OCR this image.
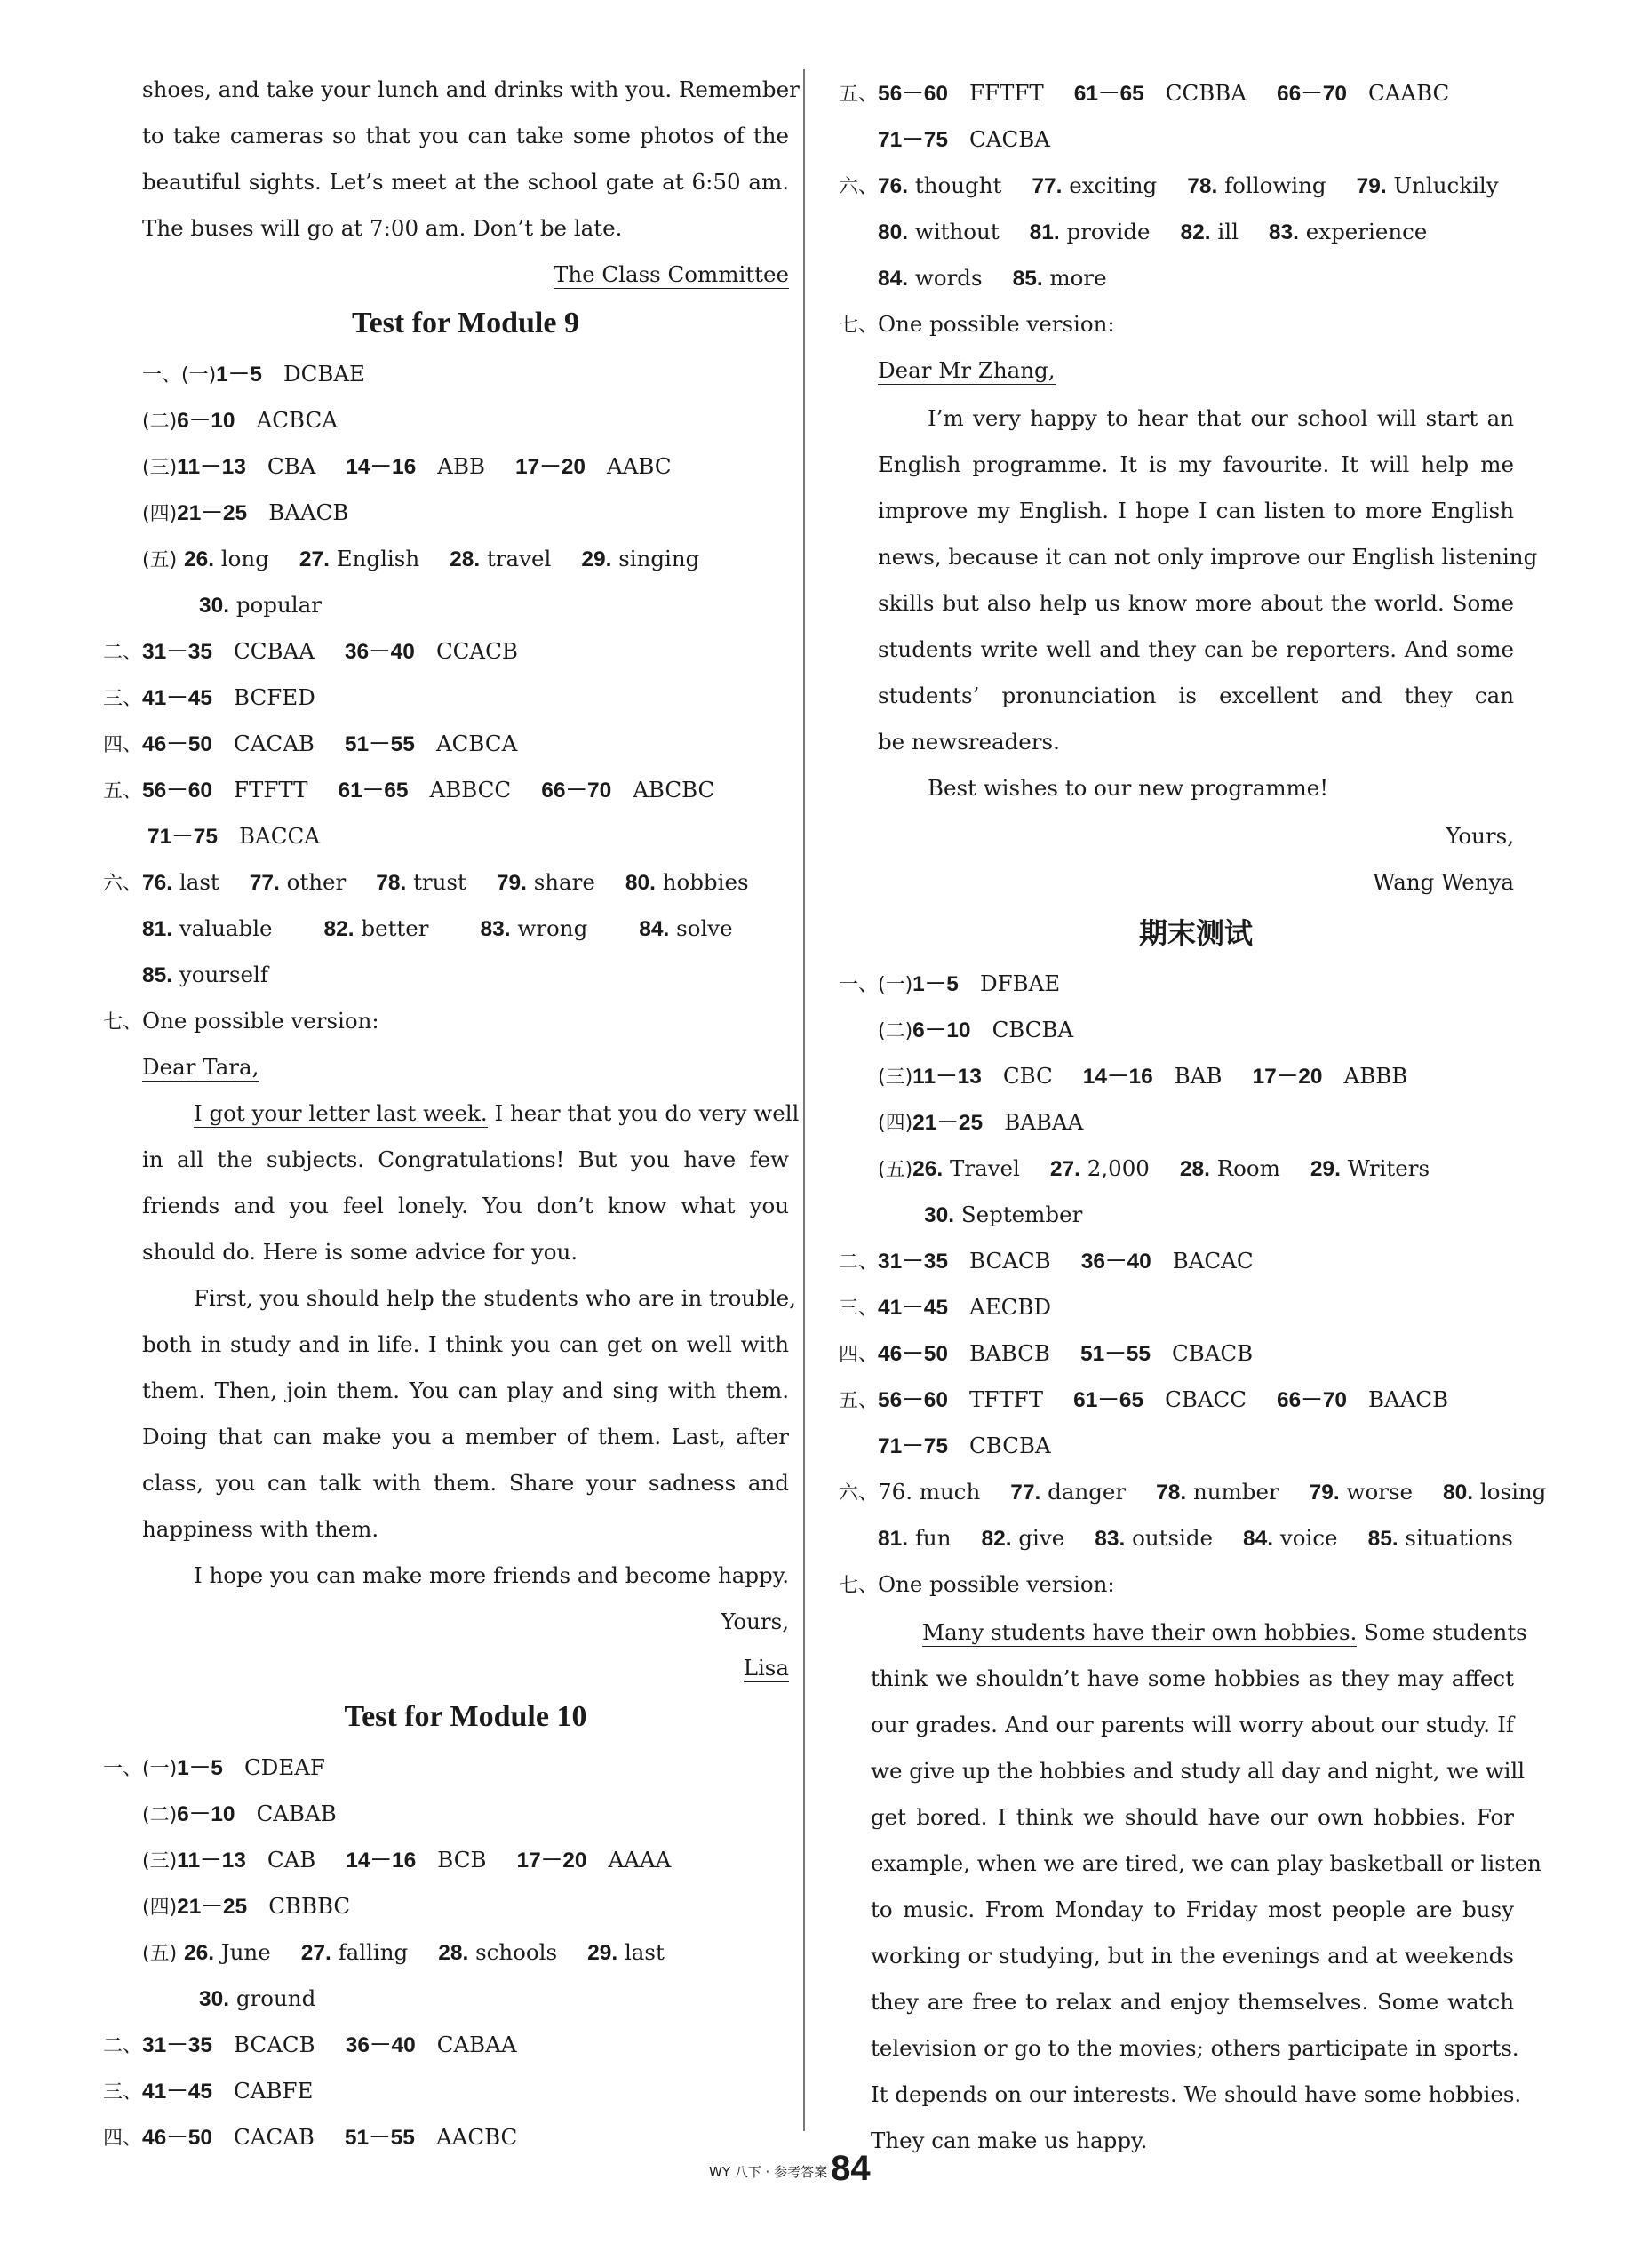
shoes, and take your lunch and drinks with you. Remember
to take cameras so that you can take some photos of the
beautiful sights. Let’s meet at the school gate at 6:50 am.
The buses will go at 7:00 am. Don’t be late.
The Class Committee
Test for Module 9
一、(一)1－5 DCBAE
(二)6－10 ACBCA
(三)11－13 CBA 14－16 ABB 17－20 AABC
(四)21－25 BAACB
(五) 26. long 27. English 28. travel 29. singing
30. popular
二、31－35 CCBAA 36－40 CCACB
三、41－45 BCFED
四、46－50 CACAB 51－55 ACBCA
五、56－60 FTFTT 61－65 ABBCC 66－70 ABCBC
71－75 BACCA
六、76. last 77. other 78. trust 79. share 80. hobbies
81. valuable 82. better 83. wrong 84. solve
85. yourself
七、One possible version:
Dear Tara,
I got your letter last week. I hear that you do very well
in all the subjects. Congratulations! But you have few
friends and you feel lonely. You don’t know what you
should do. Here is some advice for you.
First, you should help the students who are in trouble,
both in study and in life. I think you can get on well with
them. Then, join them. You can play and sing with them.
Doing that can make you a member of them. Last, after
class, you can talk with them. Share your sadness and
happiness with them.
I hope you can make more friends and become happy.
Yours,
Lisa
Test for Module 10
一、(一)1－5 CDEAF
(二)6－10 CABAB
(三)11－13 CAB 14－16 BCB 17－20 AAAA
(四)21－25 CBBBC
(五) 26. June 27. falling 28. schools 29. last
30. ground
二、31－35 BCACB 36－40 CABAA
三、41－45 CABFE
四、46－50 CACAB 51－55 AACBC
五、56－60 FFTFT 61－65 CCBBA 66－70 CAABC
71－75 CACBA
六、76. thought 77. exciting 78. following 79. Unluckily
80. without 81. provide 82. ill 83. experience
84. words 85. more
七、One possible version:
Dear Mr Zhang,
I’m very happy to hear that our school will start an
English programme. It is my favourite. It will help me
improve my English. I hope I can listen to more English
news, because it can not only improve our English listening
skills but also help us know more about the world. Some
students write well and they can be reporters. And some
students’ pronunciation is excellent and they can
be newsreaders.
Best wishes to our new programme!
Yours,
Wang Wenya
期末测试
一、(一)1－5 DFBAE
(二)6－10 CBCBA
(三)11－13 CBC 14－16 BAB 17－20 ABBB
(四)21－25 BABAA
(五)26. Travel 27. 2,000 28. Room 29. Writers
30. September
二、31－35 BCACB 36－40 BACAC
三、41－45 AECBD
四、46－50 BABCB 51－55 CBACB
五、56－60 TFTFT 61－65 CBACC 66－70 BAACB
71－75 CBCBA
六、76. much 77. danger 78. number 79. worse 80. losing
81. fun 82. give 83. outside 84. voice 85. situations
七、One possible version:
Many students have their own hobbies. Some students
think we shouldn’t have some hobbies as they may affect
our grades. And our parents will worry about our study. If
we give up the hobbies and study all day and night, we will
get bored. I think we should have our own hobbies. For
example, when we are tired, we can play basketball or listen
to music. From Monday to Friday most people are busy
working or studying, but in the evenings and at weekends
they are free to relax and enjoy themselves. Some watch
television or go to the movies; others participate in sports.
It depends on our interests. We should have some hobbies.
They can make us happy.
WY 八下 · 参考答案 84
